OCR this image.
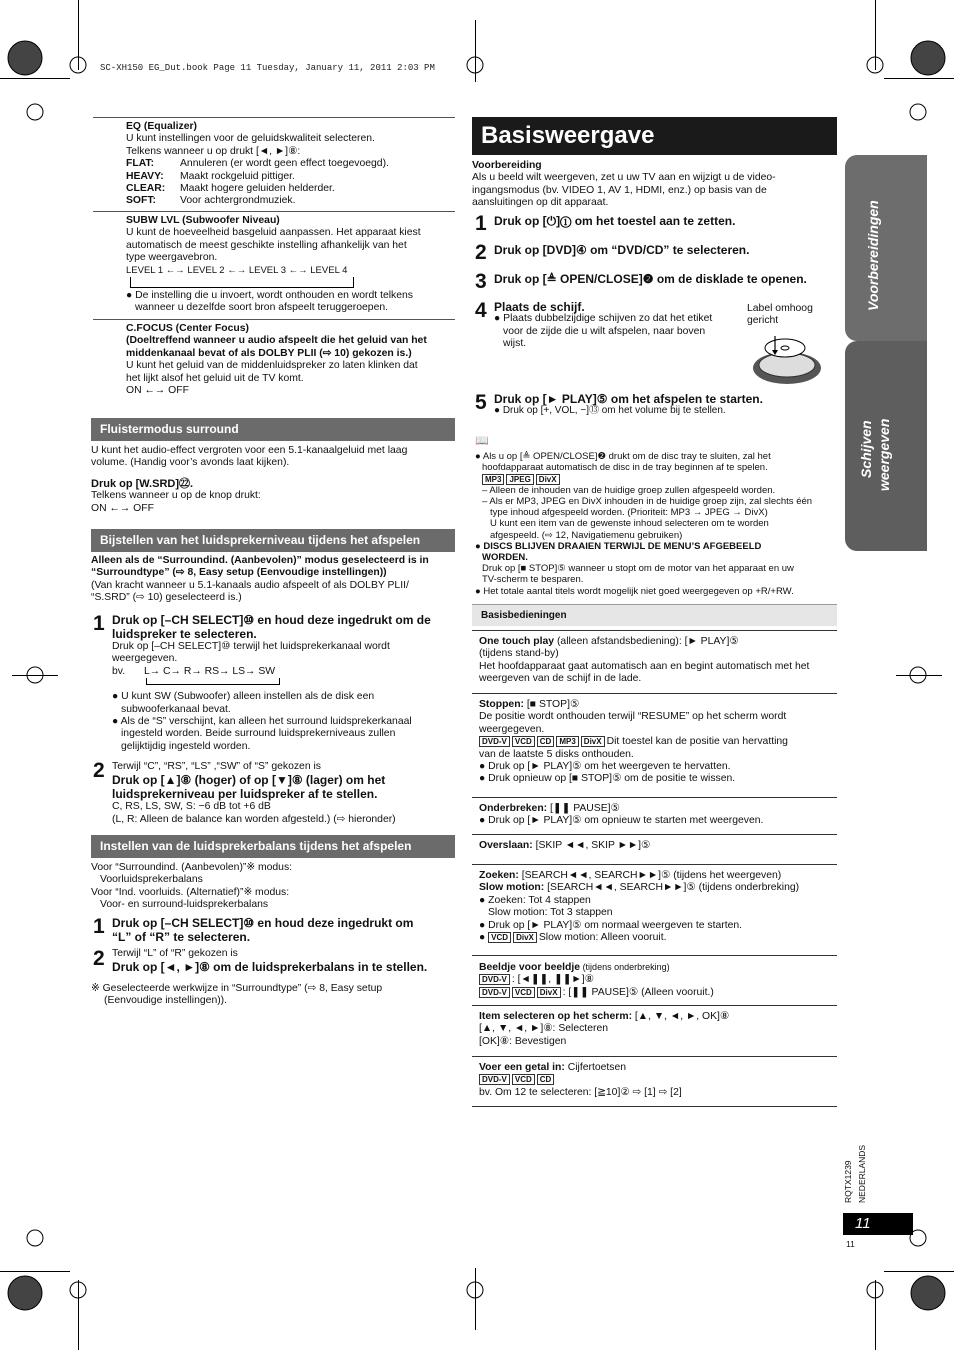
SC-XH150 EG_Dut.book Page 11 Tuesday, January 11, 2011 2:03 PM
EQ (Equalizer)
U kunt instellingen voor de geluidskwaliteit selecteren.
Telkens wanneer u op drukt [◄, ►]⑧:
FLAT: Annuleren (er wordt geen effect toegevoegd).
HEAVY: Maakt rockgeluid pittiger.
CLEAR: Maakt hogere geluiden helderder.
SOFT: Voor achtergrondmuziek.
SUBW LVL (Subwoofer Niveau)
U kunt de hoeveelheid basgeluid aanpassen. Het apparaat kiest
automatisch de meest geschikte instelling afhankelijk van het
type weergavebron.
LEVEL 1 ←→ LEVEL 2 ←→ LEVEL 3 ←→ LEVEL 4
● De instelling die u invoert, wordt onthouden en wordt telkens
wanneer u dezelfde soort bron afspeelt teruggeroepen.
C.FOCUS (Center Focus)
(Doeltreffend wanneer u audio afspeelt die het geluid van het
middenkanaal bevat of als DOLBY PLII (⇨ 10) gekozen is.)
U kunt het geluid van de middenluidspreker zo laten klinken dat
het lijkt alsof het geluid uit de TV komt.
ON ←→ OFF
Fluistermodus surround
U kunt het audio-effect vergroten voor een 5.1-kanaalgeluid met laag
volume. (Handig voor’s avonds laat kijken).
Druk op [W.SRD]㉒.
Telkens wanneer u op de knop drukt:
ON ←→ OFF
Bijstellen van het luidsprekerniveau tijdens het afspelen
Alleen als de “Surroundind. (Aanbevolen)” modus geselecteerd is in
“Surroundtype” (⇨ 8, Easy setup (Eenvoudige instellingen))
(Van kracht wanneer u 5.1-kanaals audio afspeelt of als DOLBY PLII/
“S.SRD” (⇨ 10) geselecteerd is.)
1 Druk op [–CH SELECT]⑩ en houd deze ingedrukt om de
luidspreker te selecteren.
Druk op [–CH SELECT]⑩ terwijl het luidsprekerkanaal wordt
weergegeven.
bv. L→ C→ R→ RS→ LS→ SW
● U kunt SW (Subwoofer) alleen instellen als de disk een
subwooferkanaal bevat.
● Als de “S” verschijnt, kan alleen het surround luidsprekerkanaal
ingesteld worden. Beide surround luidsprekerniveaus zullen
gelijktijdig ingesteld worden.
2 Terwijl “C”, “RS”, “LS” ,“SW” of “S” gekozen is
Druk op [▲]⑧ (hoger) of op [▼]⑧ (lager) om het
luidsprekerniveau per luidspreker af te stellen.
C, RS, LS, SW, S: −6 dB tot +6 dB
(L, R: Alleen de balance kan worden afgesteld.) (⇨ hieronder)
Instellen van de luidsprekerbalans tijdens het afspelen
Voor “Surroundind. (Aanbevolen)”※ modus:
Voorluidsprekerbalans
Voor “Ind. voorluids. (Alternatief)”※ modus:
Voor- en surround-luidsprekerbalans
1 Druk op [–CH SELECT]⑩ en houd deze ingedrukt om
“L” of “R” te selecteren.
2 Terwijl “L” of “R” gekozen is
Druk op [◄, ►]⑧ om de luidsprekerbalans in te stellen.
※ Geselecteerde werkwijze in “Surroundtype” (⇨ 8, Easy setup
(Eenvoudige instellingen)).
Basisweergave
Voorbereiding
Als u beeld wilt weergeven, zet u uw TV aan en wijzigt u de video-
ingangsmodus (bv. VIDEO 1, AV 1, HDMI, enz.) op basis van de
aansluitingen op dit apparaat.
1 Druk op [⏻]① om het toestel aan te zetten.
2 Druk op [DVD]④ om “DVD/CD” te selecteren.
3 Druk op [≜ OPEN/CLOSE]❷ om de disklade te openen.
4 Plaats de schijf.
● Plaats dubbelzijdige schijven zo dat het etiket
voor de zijde die u wilt afspelen, naar boven
wijst.
Label omhoog
gericht
5 Druk op [► PLAY]⑤ om het afspelen te starten.
● Druk op [+, VOL, −]⑬ om het volume bij te stellen.
📖
● Als u op [≜ OPEN/CLOSE]❷ drukt om de disc tray te sluiten, zal het
hoofdapparaat automatisch de disc in de tray beginnen af te spelen.
MP3 JPEG DivX
– Alleen de inhouden van de huidige groep zullen afgespeeld worden.
– Als er MP3, JPEG en DivX inhouden in de huidige groep zijn, zal slechts één
type inhoud afgespeeld worden. (Prioriteit: MP3 → JPEG → DivX)
U kunt een item van de gewenste inhoud selecteren om te worden
afgespeeld. (⇨ 12, Navigatiemenu gebruiken)
● DISCS BLIJVEN DRAAIEN TERWIJL DE MENU’S AFGEBEELD
WORDEN.
Druk op [■ STOP]⑤ wanneer u stopt om de motor van het apparaat en uw
TV-scherm te besparen.
● Het totale aantal titels wordt mogelijk niet goed weergegeven op +R/+RW.
Basisbedieningen
One touch play (alleen afstandsbediening): [► PLAY]⑤
(tijdens stand-by)
Het hoofdapparaat gaat automatisch aan en begint automatisch met het
weergeven van de schijf in de lade.
Stoppen: [■ STOP]⑤
De positie wordt onthouden terwijl “RESUME” op het scherm wordt
weergegeven.
DVD-V VCD CD MP3 DivX Dit toestel kan de positie van hervatting
van de laatste 5 disks onthouden.
● Druk op [► PLAY]⑤ om het weergeven te hervatten.
● Druk opnieuw op [■ STOP]⑤ om de positie te wissen.
Onderbreken: [❚❚ PAUSE]⑤
● Druk op [► PLAY]⑤ om opnieuw te starten met weergeven.
Overslaan: [SKIP ◄◄, SKIP ►►]⑤
Zoeken: [SEARCH◄◄, SEARCH►►]⑤ (tijdens het weergeven)
Slow motion: [SEARCH◄◄, SEARCH►►]⑤ (tijdens onderbreking)
● Zoeken: Tot 4 stappen
Slow motion: Tot 3 stappen
● Druk op [► PLAY]⑤ om normaal weergeven te starten.
● VCD DivX Slow motion: Alleen vooruit.
Beeldje voor beeldje (tijdens onderbreking)
DVD-V : [◄❚❚, ❚❚►]⑧
DVD-V VCD DivX : [❚❚ PAUSE]⑤ (Alleen vooruit.)
Item selecteren op het scherm: [▲, ▼, ◄, ►, OK]⑧
[▲, ▼, ◄, ►]⑧: Selecteren
[OK]⑧: Bevestigen
Voer een getal in: Cijfertoetsen
DVD-V VCD CD
bv. Om 12 te selecteren: [≧10]② ⇨ [1] ⇨ [2]
Voorbereidingen
Schijven weergeven
RQTX1239 NEDERLANDS
11
11
